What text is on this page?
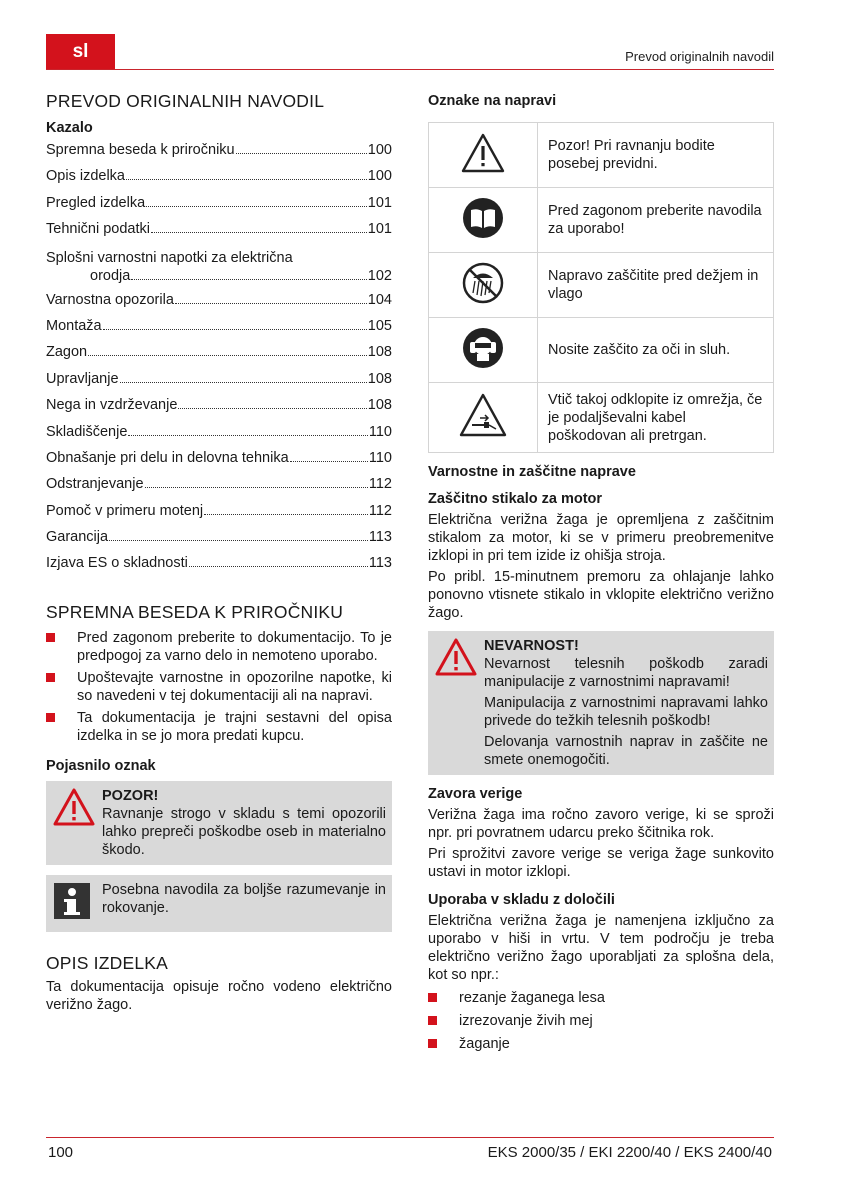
sl	Prevod originalnih navodil
PREVOD ORIGINALNIH NAVODIL
Kazalo
Spremna beseda k priročniku	100
Opis izdelka	100
Pregled izdelka	101
Tehnični podatki	101
Splošni varnostni napotki za električna
orodja	102
Varnostna opozorila	104
Montaža	105
Zagon	108
Upravljanje	108
Nega in vzdrževanje	108
Skladiščenje	110
Obnašanje pri delu in delovna tehnika	110
Odstranjevanje	112
Pomoč v primeru motenj	112
Garancija	113
Izjava ES o skladnosti	113
SPREMNA BESEDA K PRIROČNIKU
Pred zagonom preberite to dokumentacijo. To je predpogoj za varno delo in nemoteno uporabo.
Upoštevajte varnostne in opozorilne napotke, ki so navedeni v tej dokumentaciji ali na napravi.
Ta dokumentacija je trajni sestavni del opisa izdelka in se jo mora predati kupcu.
Pojasnilo oznak
POZOR!
Ravnanje strogo v skladu s temi opozorili lahko prepreči poškodbe oseb in materialno škodo.
Posebna navodila za boljše razumevanje in rokovanje.
OPIS IZDELKA

Ta dokumentacija opisuje ročno vodeno električno verižno žago.

Oznake na napravi
	Pozor! Pri ravnanju bodite posebej previdni.
	Pred zagonom preberite navodila za uporabo!
	Napravo zaščitite pred dežjem in vlago
	Nosite zaščito za oči in sluh.
	Vtič takoj odklopite iz omrežja, če je podaljševalni kabel poškodovan ali pretrgan.
Varnostne in zaščitne naprave
Zaščitno stikalo za motor

Električna verižna žaga je opremljena z zaščitnim stikalom za motor, ki se v primeru preobremenitve izklopi in pri tem izide iz ohišja stroja.

Po pribl. 15-minutnem premoru za ohlajanje lahko ponovno vtisnete stikalo in vklopite električno verižno žago.

NEVARNOST!
Nevarnost telesnih poškodb zaradi manipulacije z varnostnimi napravami!
Manipulacija z varnostnimi napravami lahko privede do težkih telesnih poškodb!
Delovanja varnostnih naprav in zaščite ne smete onemogočiti.
Zavora verige

Verižna žaga ima ročno zavoro verige, ki se sproži npr. pri povratnem udarcu preko ščitnika rok.

Pri sprožitvi zavore verige se veriga žage sunkovito ustavi in motor izklopi.

Uporaba v skladu z določili

Električna verižna žaga je namenjena izključno za uporabo v hiši in vrtu. V tem področju je treba električno verižno žago uporabljati za splošna dela, kot so npr.:

rezanje žaganega lesa
izrezovanje živih mej
žaganje
100	EKS 2000/35 / EKI 2200/40 / EKS 2400/40
